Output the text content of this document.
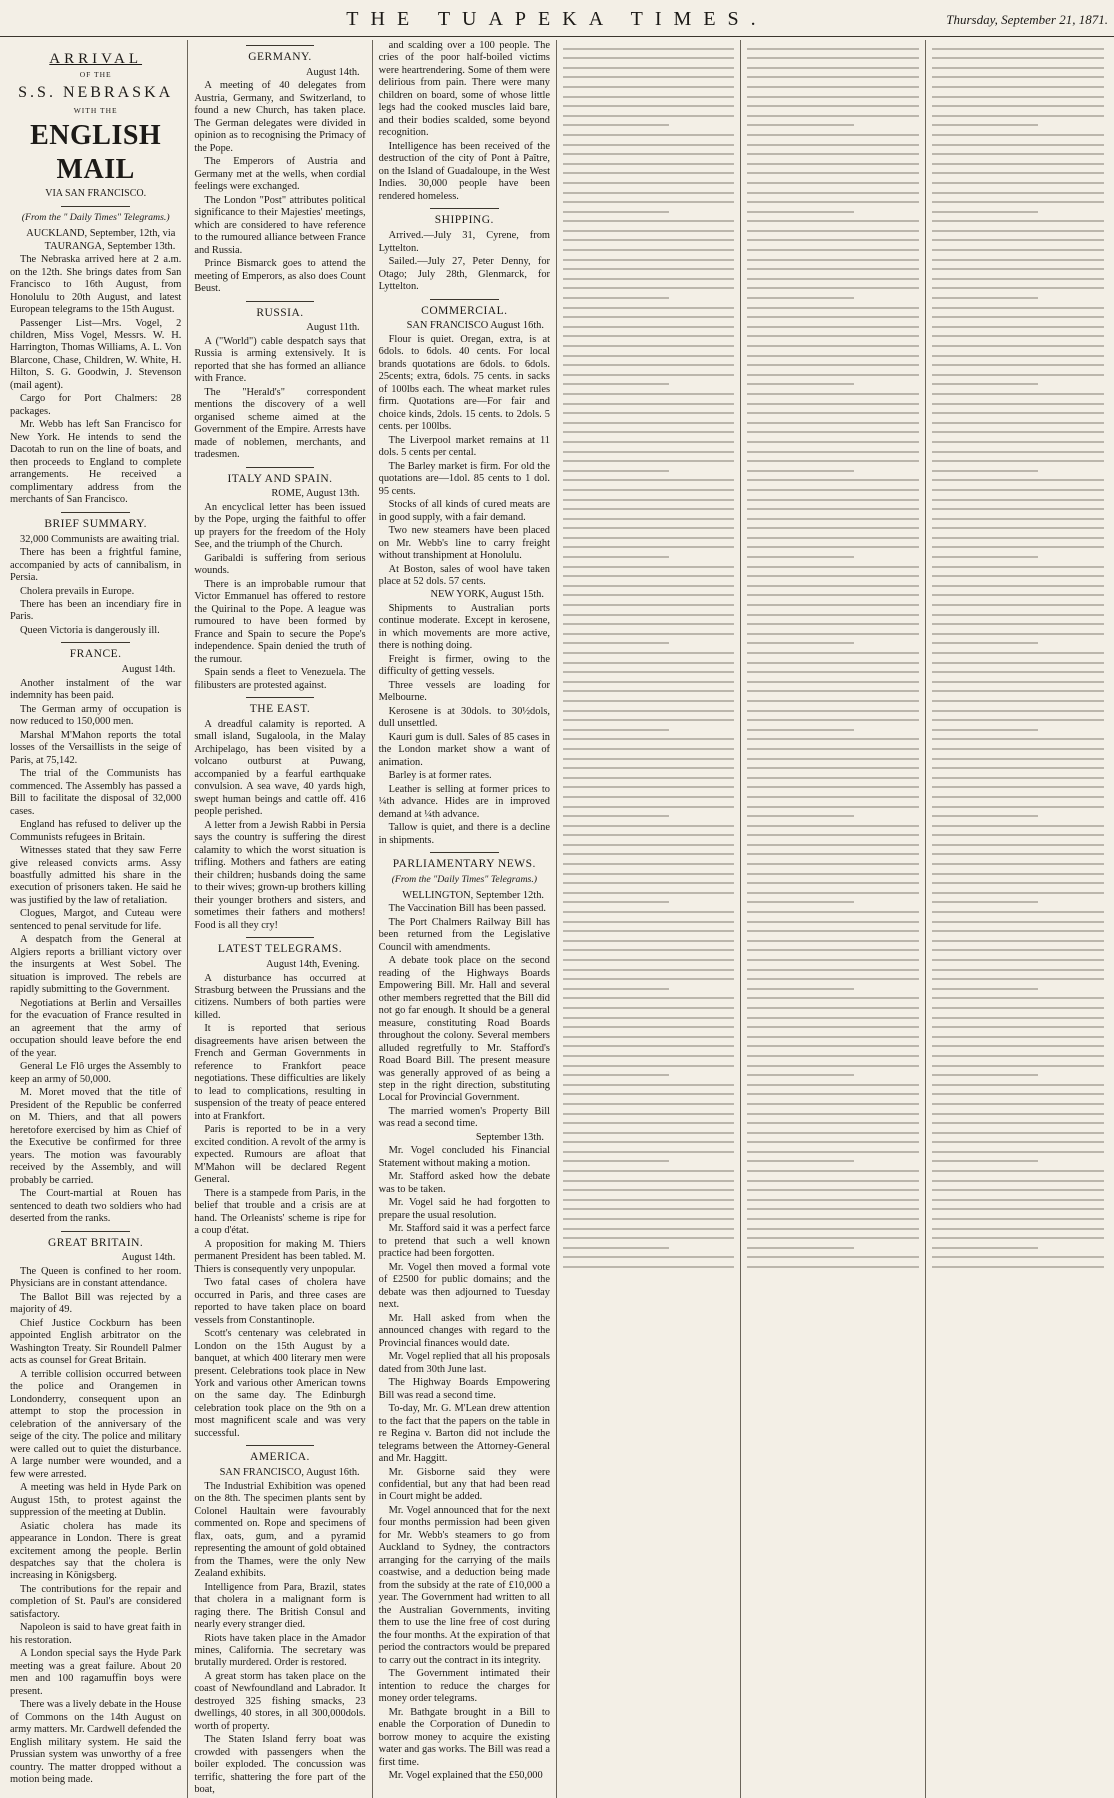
THE TUAPEKA TIMES.	Thursday, September 21, 1871.
ARRIVAL
OF THE
S.S. NEBRASKA
WITH THE
ENGLISH MAIL
VIA SAN FRANCISCO.
(From the " Daily Times" Telegrams.)
AUCKLAND, September, 12th, via TAURANGA, September 13th.

The Nebraska arrived here at 2 a.m. on the 12th. She brings dates from San Francisco to 16th August, from Honolulu to 20th August, and latest European telegrams to the 15th August.

Passenger List—Mrs. Vogel, 2 children, Miss Vogel, Messrs. W. H. Harrington, Thomas Williams, A. L. Von Blarcone, Chase, Children, W. White, H. Hilton, S. G. Goodwin, J. Stevenson (mail agent).

Cargo for Port Chalmers: 28 packages.

Mr. Webb has left San Francisco for New York. He intends to send the Dacotah to run on the line of boats, and then proceeds to England to complete arrangements. He received a complimentary address from the merchants of San Francisco.

BRIEF SUMMARY.

32,000 Communists are awaiting trial.

There has been a frightful famine, accompanied by acts of cannibalism, in Persia.

Cholera prevails in Europe.

There has been an incendiary fire in Paris.

Queen Victoria is dangerously ill.

FRANCE.
August 14th.

Another instalment of the war indemnity has been paid.

The German army of occupation is now reduced to 150,000 men.

Marshal M'Mahon reports the total losses of the Versaillists in the seige of Paris, at 75,142.

The trial of the Communists has commenced. The Assembly has passed a Bill to facilitate the disposal of 32,000 cases.

England has refused to deliver up the Communists refugees in Britain.

Witnesses stated that they saw Ferre give released convicts arms. Assy boastfully admitted his share in the execution of prisoners taken. He said he was justified by the law of retaliation.

Clogues, Margot, and Cuteau were sentenced to penal servitude for life.

A despatch from the General at Algiers reports a brilliant victory over the insurgents at West Sobel. The situation is improved. The rebels are rapidly submitting to the Government.

Negotiations at Berlin and Versailles for the evacuation of France resulted in an agreement that the army of occupation should leave before the end of the year.

General Le Flô urges the Assembly to keep an army of 50,000.

M. Moret moved that the title of President of the Republic be conferred on M. Thiers, and that all powers heretofore exercised by him as Chief of the Executive be confirmed for three years. The motion was favourably received by the Assembly, and will probably be carried.

The Court-martial at Rouen has sentenced to death two soldiers who had deserted from the ranks.

GREAT BRITAIN.
August 14th.

The Queen is confined to her room. Physicians are in constant attendance.

The Ballot Bill was rejected by a majority of 49.

Chief Justice Cockburn has been appointed English arbitrator on the Washington Treaty. Sir Roundell Palmer acts as counsel for Great Britain.

A terrible collision occurred between the police and Orangemen in Londonderry, consequent upon an attempt to stop the procession in celebration of the anniversary of the seige of the city. The police and military were called out to quiet the disturbance. A large number were wounded, and a few were arrested.

A meeting was held in Hyde Park on August 15th, to protest against the suppression of the meeting at Dublin.

Asiatic cholera has made its appearance in London. There is great excitement among the people. Berlin despatches say that the cholera is increasing in Königsberg.

The contributions for the repair and completion of St. Paul's are considered satisfactory.

Napoleon is said to have great faith in his restoration.

A London special says the Hyde Park meeting was a great failure. About 20 men and 100 ragamuffin boys were present.

There was a lively debate in the House of Commons on the 14th August on army matters. Mr. Cardwell defended the English military system. He said the Prussian system was unworthy of a free country. The matter dropped without a motion being made.

GERMANY.
August 14th.

A meeting of 40 delegates from Austria, Germany, and Switzerland, to found a new Church, has taken place. The German delegates were divided in opinion as to recognising the Primacy of the Pope.

The Emperors of Austria and Germany met at the wells, when cordial feelings were exchanged.

The London "Post" attributes political significance to their Majesties' meetings, which are considered to have reference to the rumoured alliance between France and Russia.

Prince Bismarck goes to attend the meeting of Emperors, as also does Count Beust.

RUSSIA.
August 11th.

A ("World") cable despatch says that Russia is arming extensively. It is reported that she has formed an alliance with France.

The "Herald's" correspondent mentions the discovery of a well organised scheme aimed at the Government of the Empire. Arrests have made of noblemen, merchants, and tradesmen.

ITALY AND SPAIN.
ROME, August 13th.

An encyclical letter has been issued by the Pope, urging the faithful to offer up prayers for the freedom of the Holy See, and the triumph of the Church.

Garibaldi is suffering from serious wounds.

There is an improbable rumour that Victor Emmanuel has offered to restore the Quirinal to the Pope. A league was rumoured to have been formed by France and Spain to secure the Pope's independence. Spain denied the truth of the rumour.

Spain sends a fleet to Venezuela. The filibusters are protested against.

THE EAST.

A dreadful calamity is reported. A small island, Sugaloola, in the Malay Archipelago, has been visited by a volcano outburst at Puwang, accompanied by a fearful earthquake convulsion. A sea wave, 40 yards high, swept human beings and cattle off. 416 people perished.

A letter from a Jewish Rabbi in Persia says the country is suffering the direst calamity to which the worst situation is trifling. Mothers and fathers are eating their children; husbands doing the same to their wives; grown-up brothers killing their younger brothers and sisters, and sometimes their fathers and mothers! Food is all they cry!

LATEST TELEGRAMS.
August 14th, Evening.

A disturbance has occurred at Strasburg between the Prussians and the citizens. Numbers of both parties were killed.

It is reported that serious disagreements have arisen between the French and German Governments in reference to Frankfort peace negotiations. These difficulties are likely to lead to complications, resulting in suspension of the treaty of peace entered into at Frankfort.

Paris is reported to be in a very excited condition. A revolt of the army is expected. Rumours are afloat that M'Mahon will be declared Regent General.

There is a stampede from Paris, in the belief that trouble and a crisis are at hand. The Orleanists' scheme is ripe for a coup d'état.

A proposition for making M. Thiers permanent President has been tabled. M. Thiers is consequently very unpopular.

Two fatal cases of cholera have occurred in Paris, and three cases are reported to have taken place on board vessels from Constantinople.

Scott's centenary was celebrated in London on the 15th August by a banquet, at which 400 literary men were present. Celebrations took place in New York and various other American towns on the same day. The Edinburgh celebration took place on the 9th on a most magnificent scale and was very successful.

AMERICA.
SAN FRANCISCO, August 16th.

The Industrial Exhibition was opened on the 8th. The specimen plants sent by Colonel Haultain were favourably commented on. Rope and specimens of flax, oats, gum, and a pyramid representing the amount of gold obtained from the Thames, were the only New Zealand exhibits.

Intelligence from Para, Brazil, states that cholera in a malignant form is raging there. The British Consul and nearly every stranger died.

Riots have taken place in the Amador mines, California. The secretary was brutally murdered. Order is restored.

A great storm has taken place on the coast of Newfoundland and Labrador. It destroyed 325 fishing smacks, 23 dwellings, 40 stores, in all 300,000dols. worth of property.

The Staten Island ferry boat was crowded with passengers when the boiler exploded. The concussion was terrific, shattering the fore part of the boat,

and scalding over a 100 people. The cries of the poor half-boiled victims were heartrendering. Some of them were delirious from pain. There were many children on board, some of whose little legs had the cooked muscles laid bare, and their bodies scalded, some beyond recognition.

Intelligence has been received of the destruction of the city of Pont à Paître, on the Island of Guadaloupe, in the West Indies. 30,000 people have been rendered homeless.

SHIPPING.

Arrived.—July 31, Cyrene, from Lyttelton.

Sailed.—July 27, Peter Denny, for Otago; July 28th, Glenmarck, for Lyttelton.

COMMERCIAL.
SAN FRANCISCO August 16th.

Flour is quiet. Oregan, extra, is at 6dols. to 6dols. 40 cents. For local brands quotations are 6dols. to 6dols. 25cents; extra, 6dols. 75 cents. in sacks of 100lbs each. The wheat market rules firm. Quotations are—For fair and choice kinds, 2dols. 15 cents. to 2dols. 5 cents. per 100lbs.

The Liverpool market remains at 11 dols. 5 cents per cental.

The Barley market is firm. For old the quotations are—1dol. 85 cents to 1 dol. 95 cents.

Stocks of all kinds of cured meats are in good supply, with a fair demand.

Two new steamers have been placed on Mr. Webb's line to carry freight without transhipment at Honolulu.

At Boston, sales of wool have taken place at 52 dols. 57 cents.

NEW YORK, August 15th.

Shipments to Australian ports continue moderate. Except in kerosene, in which movements are more active, there is nothing doing.

Freight is firmer, owing to the difficulty of getting vessels.

Three vessels are loading for Melbourne.

Kerosene is at 30dols. to 30½dols, dull unsettled.

Kauri gum is dull. Sales of 85 cases in the London market show a want of animation.

Barley is at former rates.

Leather is selling at former prices to ¼th advance. Hides are in improved demand at ¼th advance.

Tallow is quiet, and there is a decline in shipments.

PARLIAMENTARY NEWS.
(From the "Daily Times" Telegrams.)
WELLINGTON, September 12th.

The Vaccination Bill has been passed.

The Port Chalmers Railway Bill has been returned from the Legislative Council with amendments.

A debate took place on the second reading of the Highways Boards Empowering Bill. Mr. Hall and several other members regretted that the Bill did not go far enough. It should be a general measure, constituting Road Boards throughout the colony. Several members alluded regretfully to Mr. Stafford's Road Board Bill. The present measure was generally approved of as being a step in the right direction, substituting Local for Provincial Government.

The married women's Property Bill was read a second time.

September 13th.

Mr. Vogel concluded his Financial Statement without making a motion.

Mr. Stafford asked how the debate was to be taken.

Mr. Vogel said he had forgotten to prepare the usual resolution.

Mr. Stafford said it was a perfect farce to pretend that such a well known practice had been forgotten.

Mr. Vogel then moved a formal vote of £2500 for public domains; and the debate was then adjourned to Tuesday next.

Mr. Hall asked from when the announced changes with regard to the Provincial finances would date.

Mr. Vogel replied that all his proposals dated from 30th June last.

The Highway Boards Empowering Bill was read a second time.

To-day, Mr. G. M'Lean drew attention to the fact that the papers on the table in re Regina v. Barton did not include the telegrams between the Attorney-General and Mr. Haggitt.

Mr. Gisborne said they were confidential, but any that had been read in Court might be added.

Mr. Vogel announced that for the next four months permission had been given for Mr. Webb's steamers to go from Auckland to Sydney, the contractors arranging for the carrying of the mails coastwise, and a deduction being made from the subsidy at the rate of £10,000 a year. The Government had written to all the Australian Governments, inviting them to use the line free of cost during the four months. At the expiration of that period the contractors would be prepared to carry out the contract in its integrity.

The Government intimated their intention to reduce the charges for money order telegrams.

Mr. Bathgate brought in a Bill to enable the Corporation of Dunedin to borrow money to acquire the existing water and gas works. The Bill was read a first time.

Mr. Vogel explained that the £50,000
